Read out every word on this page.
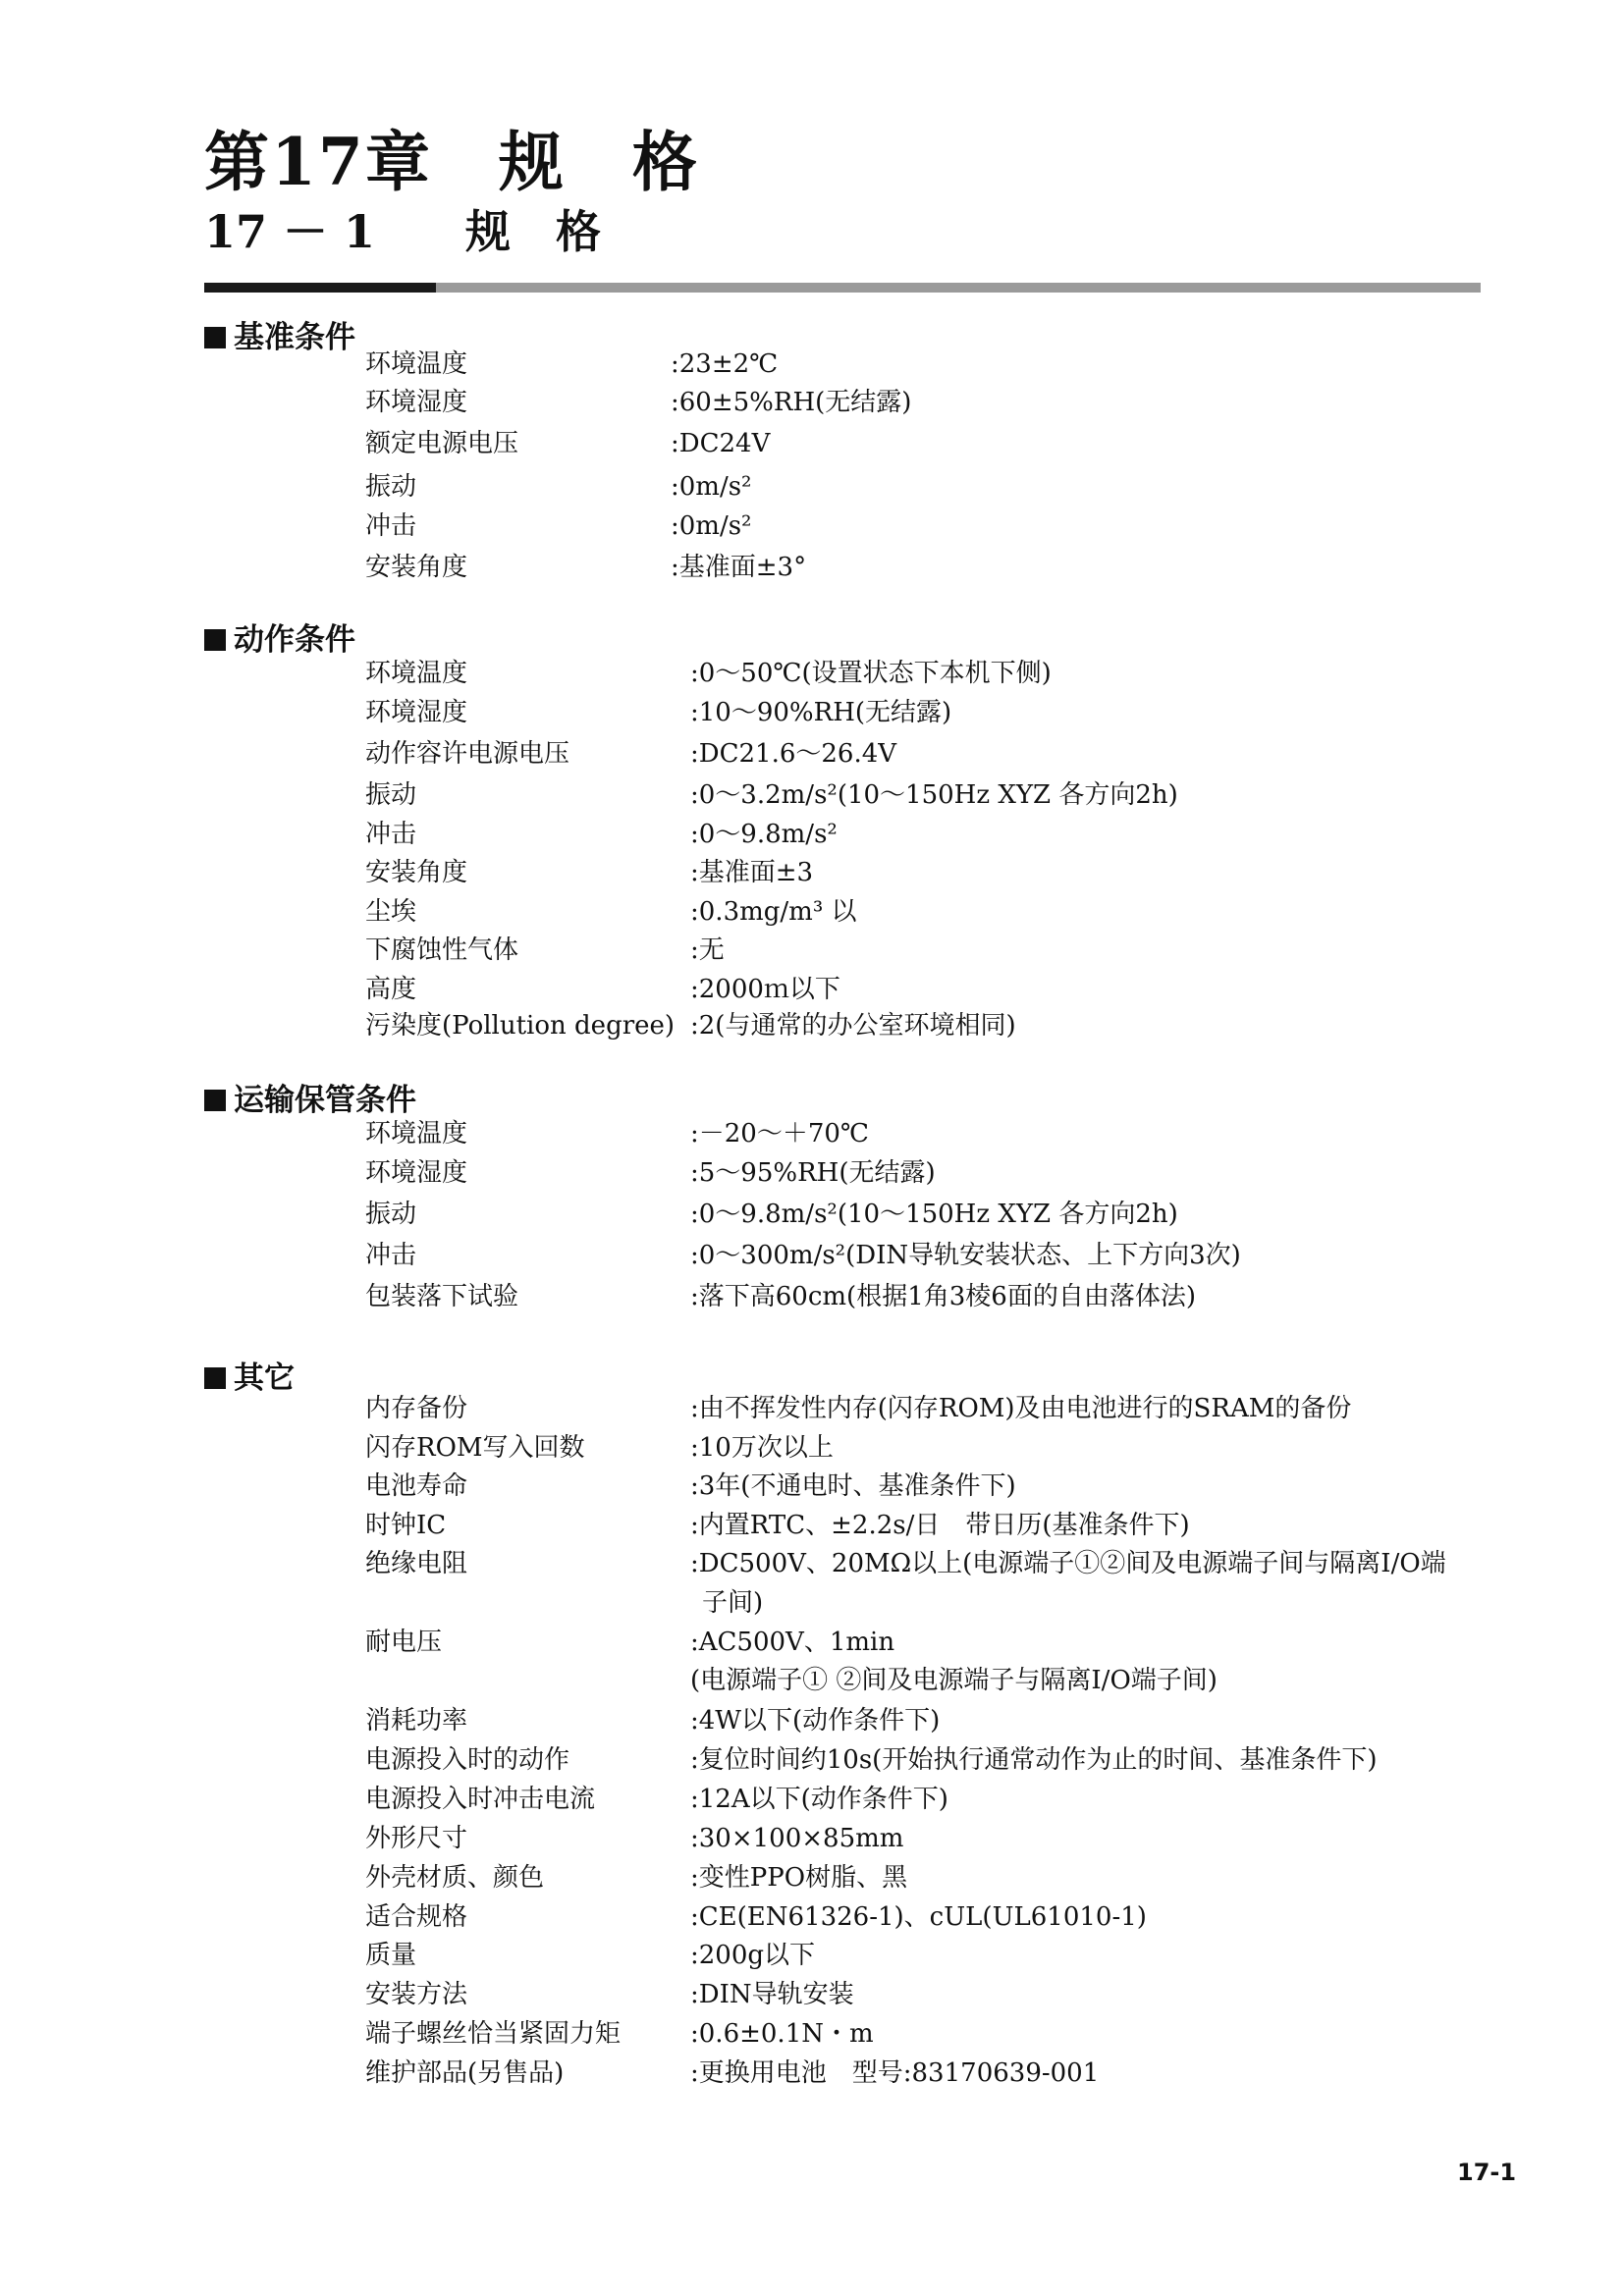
第17章　规　格
17 － 1　　规　格
基准条件
环境温度	:23±2℃
环境湿度	:60±5%RH(无结露)
额定电源电压	:DC24V
振动	:0m/s²
冲击	:0m/s²
安装角度	:基准面±3°
动作条件
环境温度	:0～50℃(设置状态下本机下侧)
环境湿度	:10～90%RH(无结露)
动作容许电源电压	:DC21.6～26.4V
振动	:0～3.2m/s²(10～150Hz XYZ 各方向2h)
冲击	:0～9.8m/s²
安装角度	:基准面±3
尘埃	:0.3mg/m³ 以
下腐蚀性气体	:无
高度	:2000ｍ以下
污染度(Pollution degree) :2(与通常的办公室环境相同)
运输保管条件
环境温度	:－20～＋70℃
环境湿度	:5～95%RH(无结露)
振动	:0～9.8m/s²(10～150Hz XYZ 各方向2h)
冲击	:0～300m/s²(DIN导轨安装状态、上下方向3次)
包装落下试验	:落下高60cm(根据1角3棱6面的自由落体法)
其它
内存备份	:由不挥发性内存(闪存ROM)及由电池进行的SRAM的备份
闪存ROM写入回数	:10万次以上
电池寿命	:3年(不通电时、基准条件下)
时钟IC	:内置RTC、±2.2s/日　带日历(基准条件下)
绝缘电阻	:DC500V、20MΩ以上(电源端子①②间及电源端子间与隔离I/O端
子间)
耐电压	:AC500V、1min
(电源端子① ②间及电源端子与隔离I/O端子间)
消耗功率	:4W以下(动作条件下)
电源投入时的动作	:复位时间约10s(开始执行通常动作为止的时间、基准条件下)
电源投入时冲击电流	:12A以下(动作条件下)
外形尺寸	:30×100×85mm
外壳材质、颜色	:变性PPO树脂、黑
适合规格	:CE(EN61326-1)、cUL(UL61010-1)
质量	:200g以下
安装方法	:DIN导轨安装
端子螺丝恰当紧固力矩	:0.6±0.1N・m
维护部品(另售品)	:更换用电池　型号:83170639-001
17-1
